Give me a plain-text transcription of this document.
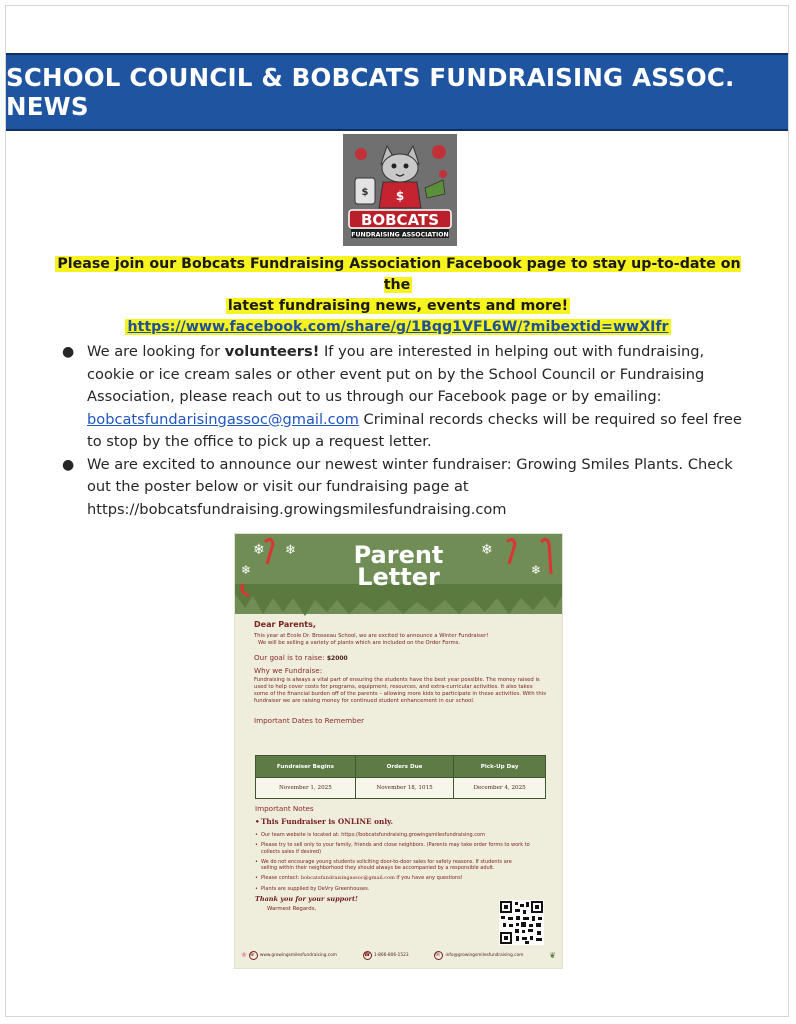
SCHOOL COUNCIL & BOBCATS FUNDRAISING ASSOC. NEWS
$
$
BOBCATS
FUNDRAISING ASSOCIATION
Please join our Bobcats Fundraising Association Facebook page to stay up-to-date on the
latest fundraising news, events and more!
https://www.facebook.com/share/g/1Bqg1VFL6W/?mibextid=wwXIfr
● We are looking for volunteers! If you are interested in helping out with fundraising, cookie or ice cream sales or other event put on by the School Council or Fundraising Association, please reach out to us through our Facebook page or by emailing: bobcatsfundarisingassoc@gmail.com Criminal records checks will be required so feel free to stop by the office to pick up a request letter.
● We are excited to announce our newest winter fundraiser: Growing Smiles Plants. Check out the poster below or visit our fundraising page at https://bobcatsfundraising.growingsmilesfundraising.com
❄ ❄	❄
❄
❄
Parent
Letter

Dear Parents,

This year at Ecole Dr. Brosseau School, we are excited to announce a Winter Fundraiser!

We will be selling a variety of plants which are included on the Order Forms.

Our goal is to raise: $2000

Why we Fundraise:

Fundraising is always a vital part of ensuring the students have the best year possible. The money raised is used to help cover costs for programs, equipment, resources, and extra-curricular activities. It also takes some of the financial burden off of the parents – allowing more kids to participate in these activities. With this fundraiser we are raising money for continued student enhancement in our school.

Important Dates to Remember

Fundraiser Begins	Orders Due	Pick-Up Day
November 1, 2025	November 18, 1015	December 4, 2025

Important Notes

• This Fundraiser is ONLINE only.
• Our team website is located at: https://bobcatsfundraising.growingsmilesfundraising.com
• Please try to sell only to your family, friends and close neighbors. (Parents may take order forms to work to collects sales if desired)
• We do not encourage young students soliciting door-to-door sales for safety reasons. If students are selling within their neighborhood they should always be accompanied by a responsible adult.
• Please contact: bobcatsfundraisingassoc@gmail.com if you have any questions!
• Plants are supplied by DeVry Greenhouses.
Thank you for your support!
Warmest Regards,
❀ ⊕	www.growingsmilesfundraising.com	☎ 1-866-806-1523	✉	info@growingsmilesfundraising.com	❦
